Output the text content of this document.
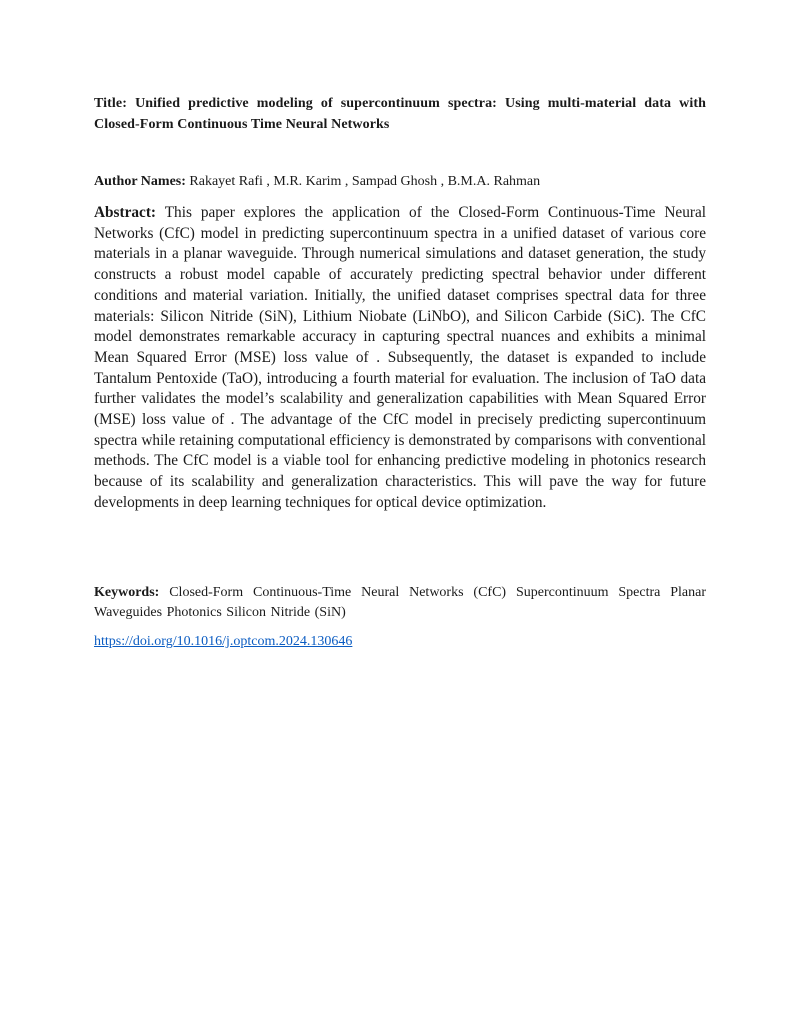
Title: Unified predictive modeling of supercontinuum spectra: Using multi-material data with Closed-Form Continuous Time Neural Networks
Author Names: Rakayet Rafi , M.R. Karim , Sampad Ghosh , B.M.A. Rahman
Abstract: This paper explores the application of the Closed-Form Continuous-Time Neural Networks (CfC) model in predicting supercontinuum spectra in a unified dataset of various core materials in a planar waveguide. Through numerical simulations and dataset generation, the study constructs a robust model capable of accurately predicting spectral behavior under different conditions and material variation. Initially, the unified dataset comprises spectral data for three materials: Silicon Nitride (SiN), Lithium Niobate (LiNbO), and Silicon Carbide (SiC). The CfC model demonstrates remarkable accuracy in capturing spectral nuances and exhibits a minimal Mean Squared Error (MSE) loss value of . Subsequently, the dataset is expanded to include Tantalum Pentoxide (TaO), introducing a fourth material for evaluation. The inclusion of TaO data further validates the model’s scalability and generalization capabilities with Mean Squared Error (MSE) loss value of . The advantage of the CfC model in precisely predicting supercontinuum spectra while retaining computational efficiency is demonstrated by comparisons with conventional methods. The CfC model is a viable tool for enhancing predictive modeling in photonics research because of its scalability and generalization characteristics. This will pave the way for future developments in deep learning techniques for optical device optimization.
Keywords: Closed-Form Continuous-Time Neural Networks (CfC) Supercontinuum Spectra Planar Waveguides Photonics Silicon Nitride (SiN)
https://doi.org/10.1016/j.optcom.2024.130646
